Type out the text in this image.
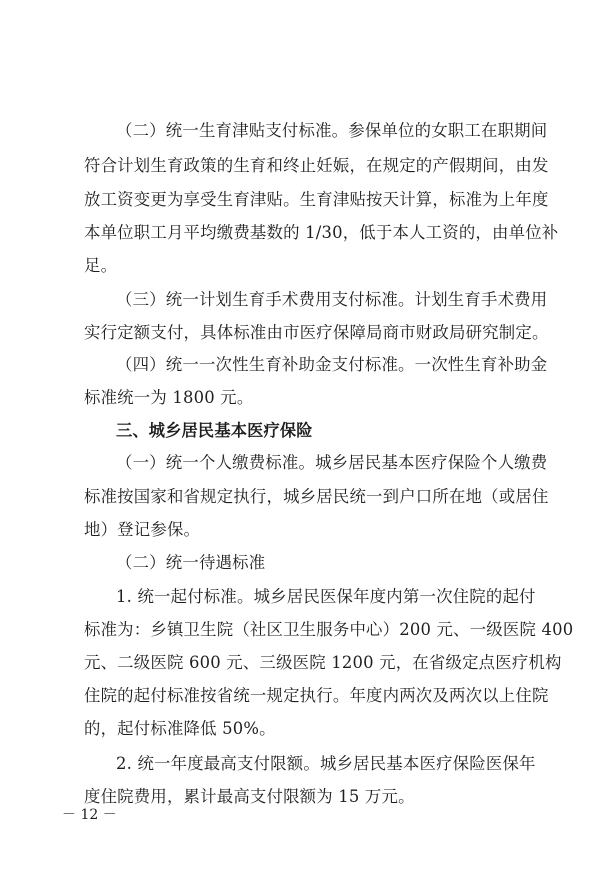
（二）统一生育津贴支付标准。参保单位的女职工在职期间
符合计划生育政策的生育和终止妊娠，在规定的产假期间，由发
放工资变更为享受生育津贴。生育津贴按天计算，标准为上年度
本单位职工月平均缴费基数的 1/30，低于本人工资的，由单位补
足。
（三）统一计划生育手术费用支付标准。计划生育手术费用
实行定额支付，具体标准由市医疗保障局商市财政局研究制定。
（四）统一一次性生育补助金支付标准。一次性生育补助金
标准统一为 1800 元。
三、城乡居民基本医疗保险
（一）统一个人缴费标准。城乡居民基本医疗保险个人缴费
标准按国家和省规定执行，城乡居民统一到户口所在地（或居住
地）登记参保。
（二）统一待遇标准
1. 统一起付标准。城乡居民医保年度内第一次住院的起付
标准为：乡镇卫生院（社区卫生服务中心）200 元、一级医院 400
元、二级医院 600 元、三级医院 1200 元，在省级定点医疗机构
住院的起付标准按省统一规定执行。年度内两次及两次以上住院
的，起付标准降低 50%。
2. 统一年度最高支付限额。城乡居民基本医疗保险医保年
度住院费用，累计最高支付限额为 15 万元。
－ 12 －
